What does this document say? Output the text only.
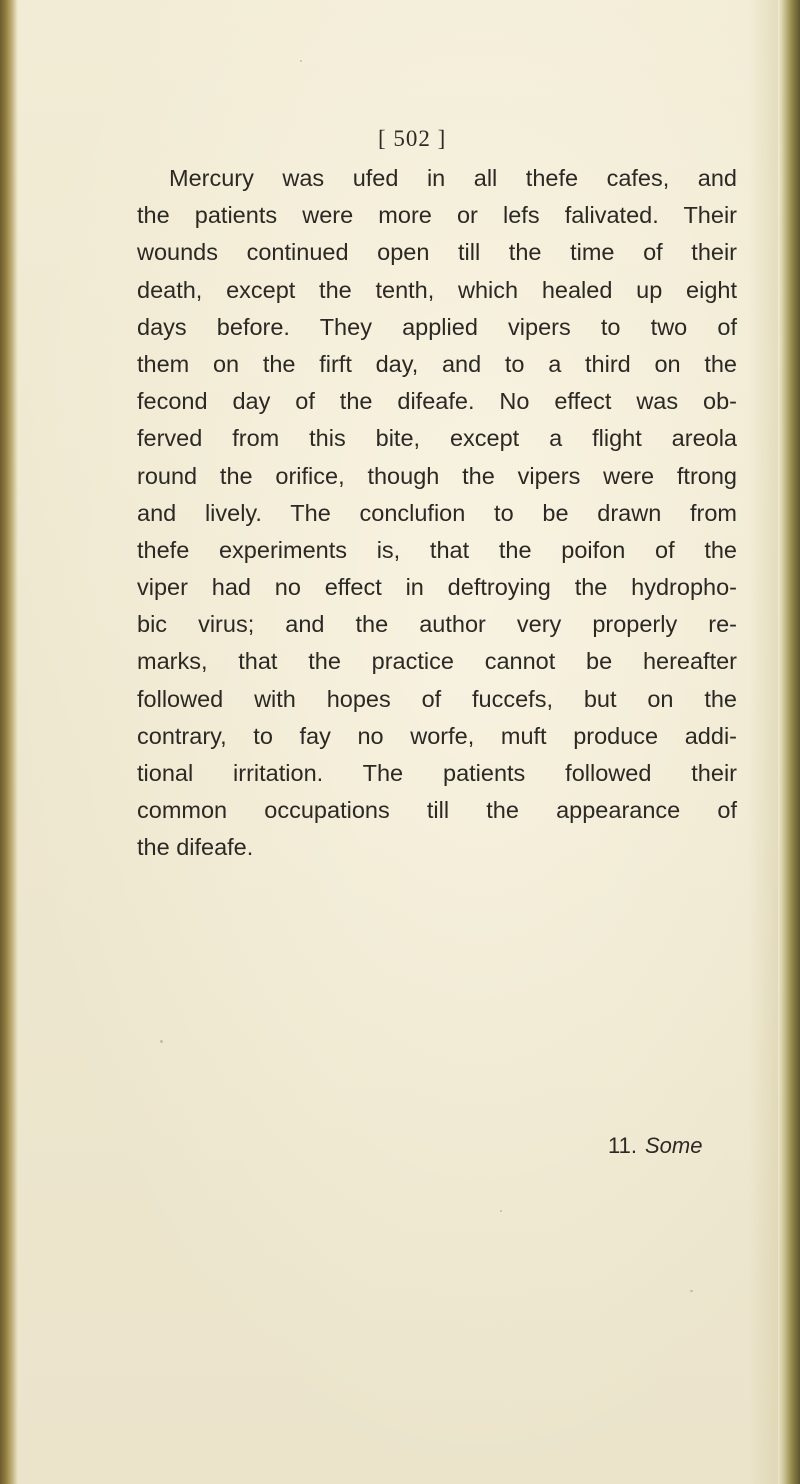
[ 502 ]
Mercury was ufed in all thefe cafes, and
the patients were more or lefs falivated. Their
wounds continued open till the time of their
death, except the tenth, which healed up eight
days before. They applied vipers to two of
them on the firft day, and to a third on the
fecond day of the difeafe. No effect was ob-
ferved from this bite, except a flight areola
round the orifice, though the vipers were ftrong
and lively. The conclufion to be drawn from
thefe experiments is, that the poifon of the
viper had no effect in deftroying the hydropho-
bic virus; and the author very properly re-
marks, that the practice cannot be hereafter
followed with hopes of fuccefs, but on the
contrary, to fay no worfe, muft produce addi-
tional irritation. The patients followed their
common occupations till the appearance of
the difeafe.
11. Some
